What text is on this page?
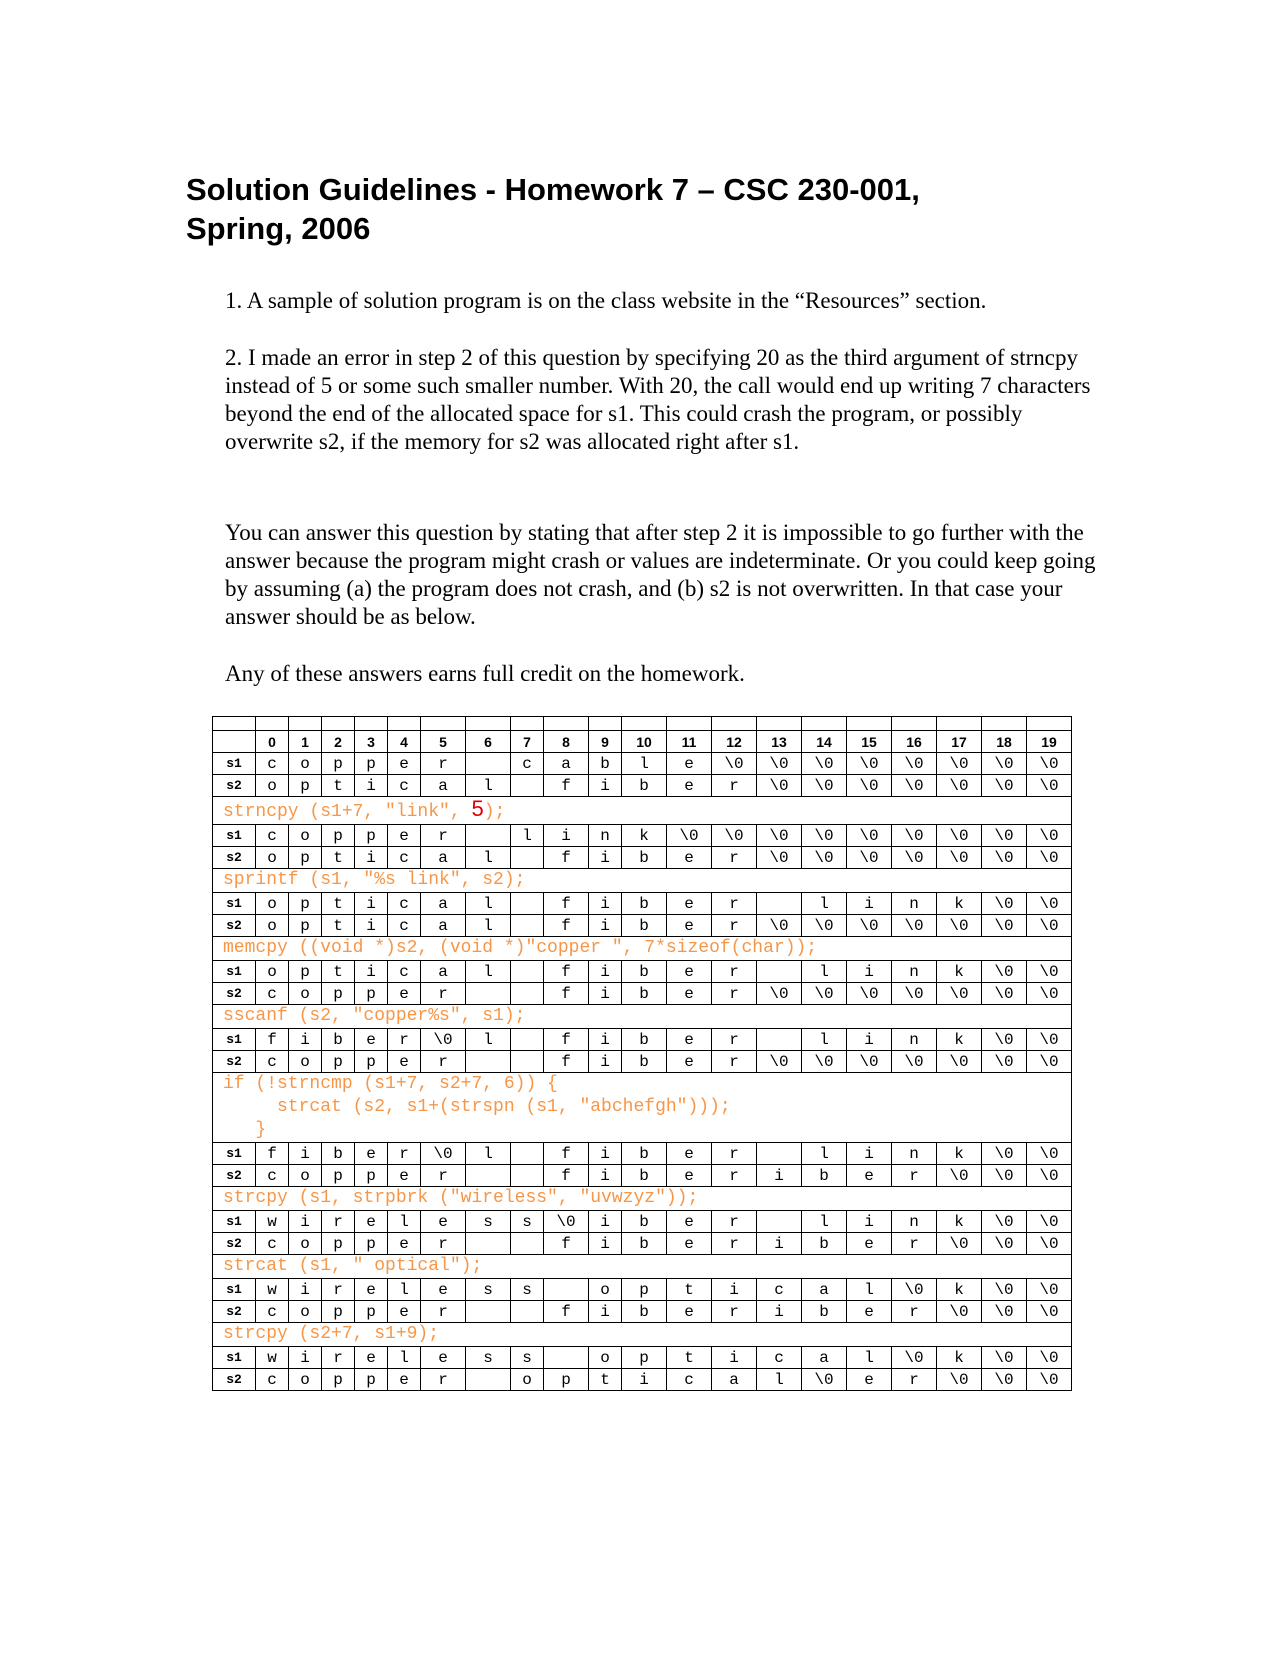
Solution Guidelines - Homework 7 – CSC 230-001,
Spring, 2006
1. A sample of solution program is on the class website in the “Resources” section.
2. I made an error in step 2 of this question by specifying 20 as the third argument of strncpy instead of 5 or some such smaller number. With 20, the call would end up writing 7 characters beyond the end of the allocated space for s1. This could crash the program, or possibly overwrite s2, if the memory for s2 was allocated right after s1.
You can answer this question by stating that after step 2 it is impossible to go further with the answer because the program might crash or values are indeterminate. Or you could keep going by assuming (a) the program does not crash, and (b) s2 is not overwritten. In that case your answer should be as below.
Any of these answers earns full credit on the homework.

	0	1	2	3	4	5	6	7	8	9	10	11	12	13	14	15	16	17	18	19
s1	c	o	p	p	e	r		c	a	b	l	e	\0	\0	\0	\0	\0	\0	\0	\0
s2	o	p	t	i	c	a	l		f	i	b	e	r	\0	\0	\0	\0	\0	\0	\0
strncpy (s1+7, "link", 5);																				
s1	c	o	p	p	e	r		l	i	n	k	\0	\0	\0	\0	\0	\0	\0	\0	\0
s2	o	p	t	i	c	a	l		f	i	b	e	r	\0	\0	\0	\0	\0	\0	\0
sprintf (s1, "%s link", s2);																				
s1	o	p	t	i	c	a	l		f	i	b	e	r		l	i	n	k	\0	\0
s2	o	p	t	i	c	a	l		f	i	b	e	r	\0	\0	\0	\0	\0	\0	\0
memcpy ((void *)s2, (void *)"copper ", 7*sizeof(char));																				
s1	o	p	t	i	c	a	l		f	i	b	e	r		l	i	n	k	\0	\0
s2	c	o	p	p	e	r			f	i	b	e	r	\0	\0	\0	\0	\0	\0	\0
sscanf (s2, "copper%s", s1);																				
s1	f	i	b	e	r	\0	l		f	i	b	e	r		l	i	n	k	\0	\0
s2	c	o	p	p	e	r			f	i	b	e	r	\0	\0	\0	\0	\0	\0	\0
if (!strncmp (s1+7, s2+7, 6)) {
strcat (s2, s1+(strspn (s1, "abchefgh")));
}																				
s1	f	i	b	e	r	\0	l		f	i	b	e	r		l	i	n	k	\0	\0
s2	c	o	p	p	e	r			f	i	b	e	r	i	b	e	r	\0	\0	\0
strcpy (s1, strpbrk ("wireless", "uvwzyz"));																				
s1	w	i	r	e	l	e	s	s	\0	i	b	e	r		l	i	n	k	\0	\0
s2	c	o	p	p	e	r			f	i	b	e	r	i	b	e	r	\0	\0	\0
strcat (s1, " optical");																				
s1	w	i	r	e	l	e	s	s		o	p	t	i	c	a	l	\0	k	\0	\0
s2	c	o	p	p	e	r			f	i	b	e	r	i	b	e	r	\0	\0	\0
strcpy (s2+7, s1+9);																				
s1	w	i	r	e	l	e	s	s		o	p	t	i	c	a	l	\0	k	\0	\0
s2	c	o	p	p	e	r		o	p	t	i	c	a	l	\0	e	r	\0	\0	\0
